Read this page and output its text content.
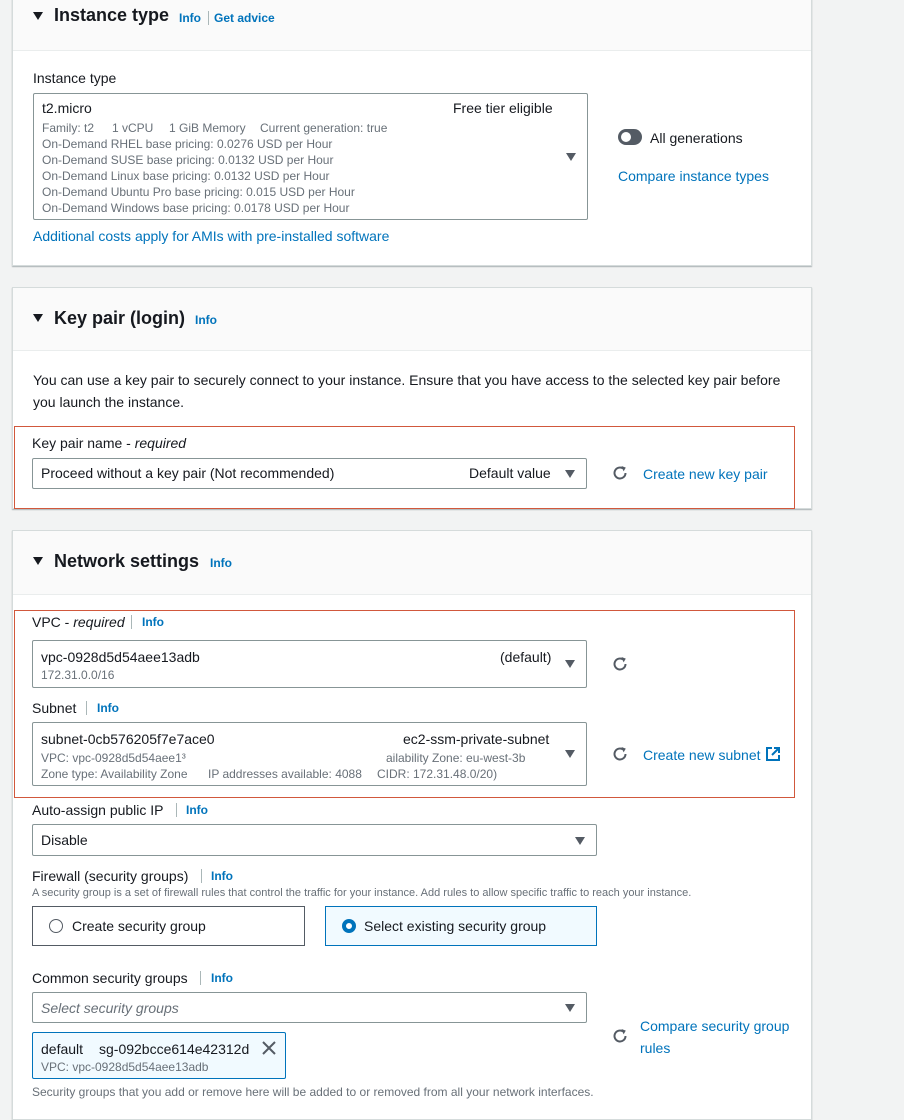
Instance type Info Get advice
Instance type
t2.micro	Free tier eligible
Family: t2 1 vCPU 1 GiB Memory Current generation: true
On-Demand RHEL base pricing: 0.0276 USD per Hour
On-Demand SUSE base pricing: 0.0132 USD per Hour
On-Demand Linux base pricing: 0.0132 USD per Hour
On-Demand Ubuntu Pro base pricing: 0.015 USD per Hour
On-Demand Windows base pricing: 0.0178 USD per Hour
All generations
Compare instance types
Additional costs apply for AMIs with pre-installed software
Key pair (login) Info
You can use a key pair to securely connect to your instance. Ensure that you have access to the selected key pair before you launch the instance.
Key pair name - required
Proceed without a key pair (Not recommended)	Default value	Create new key pair
Network settings Info
VPC - required Info
vpc-0928d5d54aee13adb	(default)
172.31.0.0/16
Subnet Info
subnet-0cb576205f7e7ace0	ec2-ssm-private-subnet
VPC: vpc-0928d5d54aee1³	ailability Zone: eu-west-3b
Zone type: Availability Zone IP addresses available: 4088 CIDR: 172.31.48.0/20)
Create new subnet
Auto-assign public IP Info
Disable
Firewall (security groups) Info
A security group is a set of firewall rules that control the traffic for your instance. Add rules to allow specific traffic to reach your instance.
Create security group	Select existing security group
Common security groups Info
Select security groups
Compare security group
rules
default sg-092bcce614e42312d
VPC: vpc-0928d5d54aee13adb
Security groups that you add or remove here will be added to or removed from all your network interfaces.
